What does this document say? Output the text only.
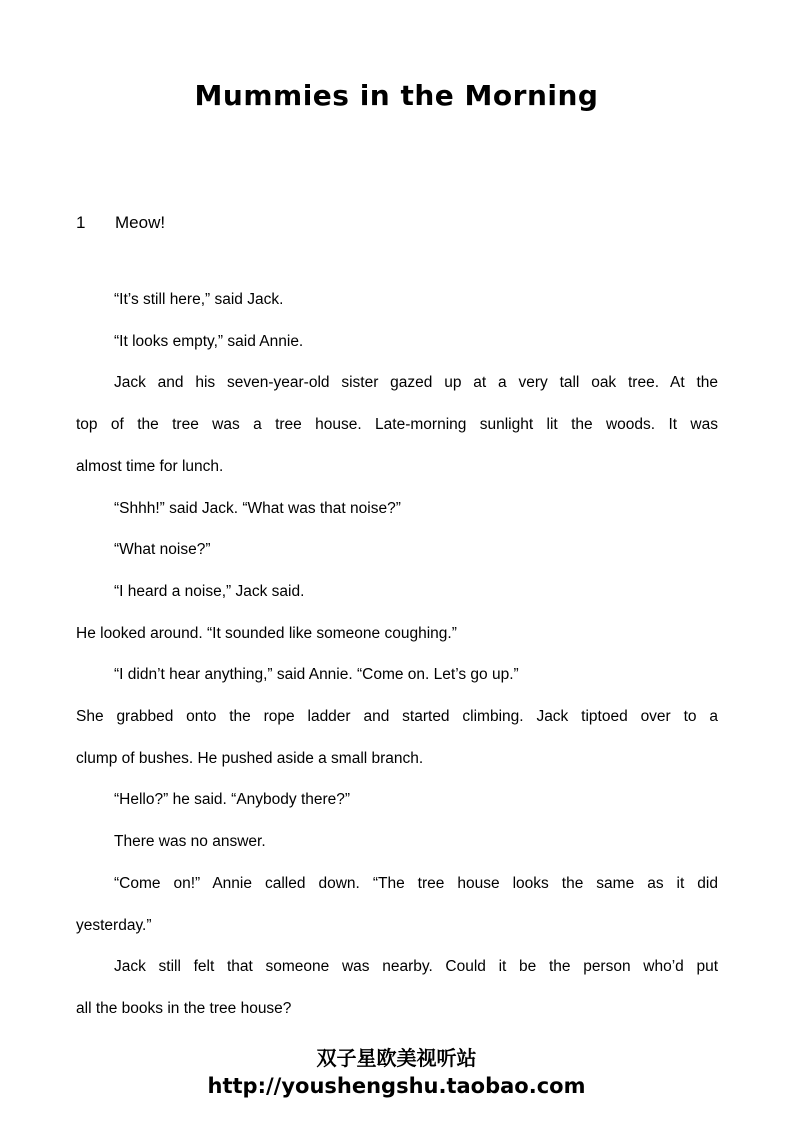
Mummies in the Morning
1 Meow!
“It’s still here,” said Jack.
“It looks empty,” said Annie.
Jack and his seven-year-old sister gazed up at a very tall oak tree. At the
top of the tree was a tree house. Late-morning sunlight lit the woods. It was
almost time for lunch.
“Shhh!” said Jack. “What was that noise?”
“What noise?”
“I heard a noise,” Jack said.
He looked around. “It sounded like someone coughing.”
“I didn’t hear anything,” said Annie. “Come on. Let’s go up.”
She grabbed onto the rope ladder and started climbing. Jack tiptoed over to a
clump of bushes. He pushed aside a small branch.
“Hello?” he said. “Anybody there?”
There was no answer.
“Come on!” Annie called down. “The tree house looks the same as it did
yesterday.”
Jack still felt that someone was nearby. Could it be the person who’d put
all the books in the tree house?
双子星欧美视听站
http://youshengshu.taobao.com
